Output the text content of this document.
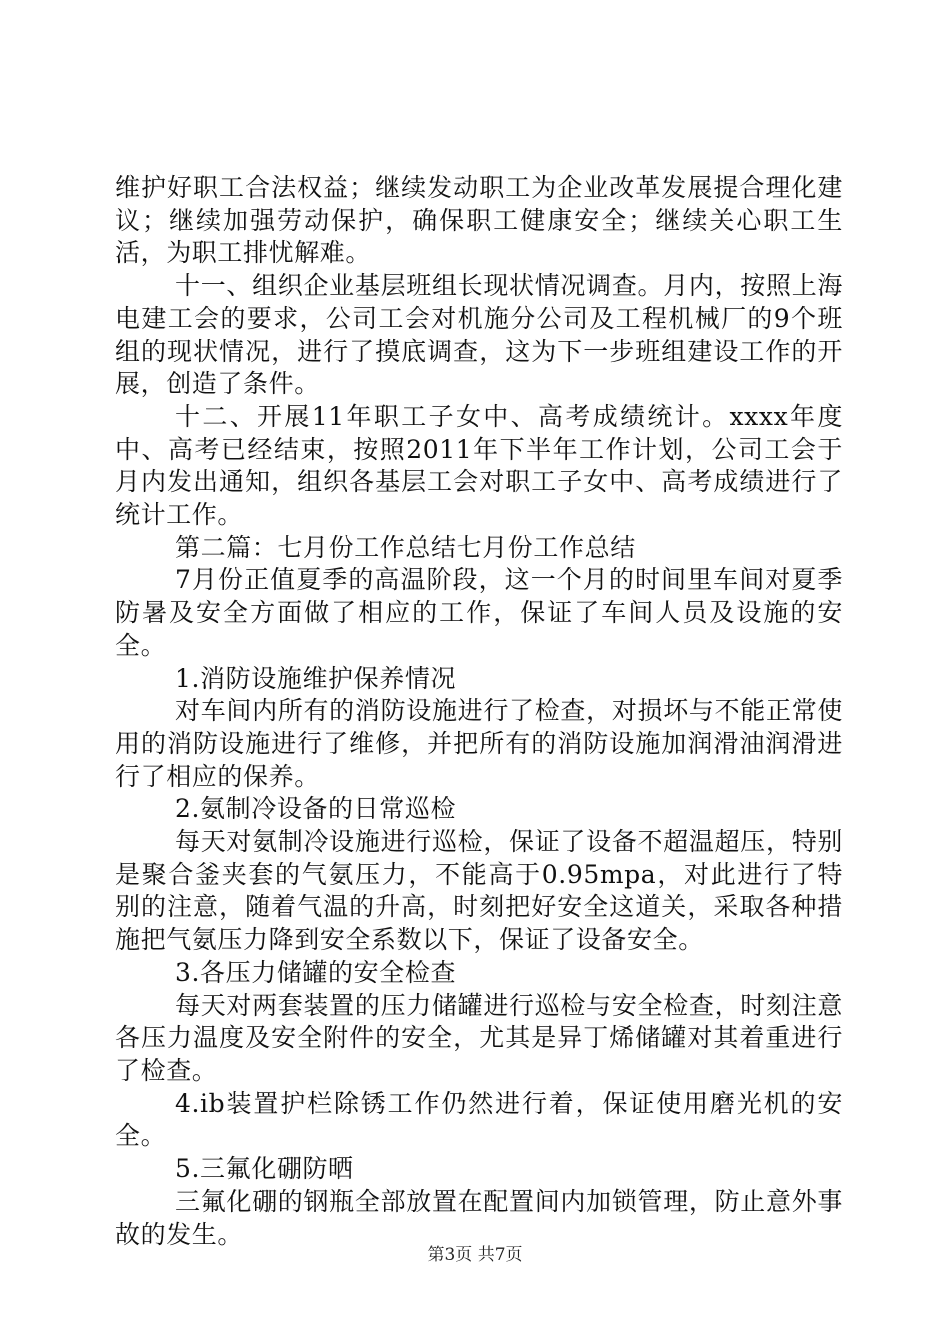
维护好职工合法权益；继续发动职工为企业改革发展提合理化建议；继续加强劳动保护，确保职工健康安全；继续关心职工生活，为职工排忧解难。

十一、组织企业基层班组长现状情况调查。月内，按照上海电建工会的要求，公司工会对机施分公司及工程机械厂的9个班组的现状情况，进行了摸底调查，这为下一步班组建设工作的开展，创造了条件。

十二、开展11年职工子女中、高考成绩统计。xxxx年度中、高考已经结束，按照2011年下半年工作计划，公司工会于月内发出通知，组织各基层工会对职工子女中、高考成绩进行了统计工作。

第二篇：七月份工作总结七月份工作总结

7月份正值夏季的高温阶段，这一个月的时间里车间对夏季防暑及安全方面做了相应的工作，保证了车间人员及设施的安全。

1.消防设施维护保养情况

对车间内所有的消防设施进行了检查，对损坏与不能正常使用的消防设施进行了维修，并把所有的消防设施加润滑油润滑进行了相应的保养。

2.氨制冷设备的日常巡检

每天对氨制冷设施进行巡检，保证了设备不超温超压，特别是聚合釜夹套的气氨压力，不能高于0.95mpa，对此进行了特别的注意，随着气温的升高，时刻把好安全这道关，采取各种措施把气氨压力降到安全系数以下，保证了设备安全。

3.各压力储罐的安全检查

每天对两套装置的压力储罐进行巡检与安全检查，时刻注意各压力温度及安全附件的安全，尤其是异丁烯储罐对其着重进行了检查。

4.ib装置护栏除锈工作仍然进行着，保证使用磨光机的安全。

5.三氟化硼防晒

三氟化硼的钢瓶全部放置在配置间内加锁管理，防止意外事故的发生。

第3页 共7页
